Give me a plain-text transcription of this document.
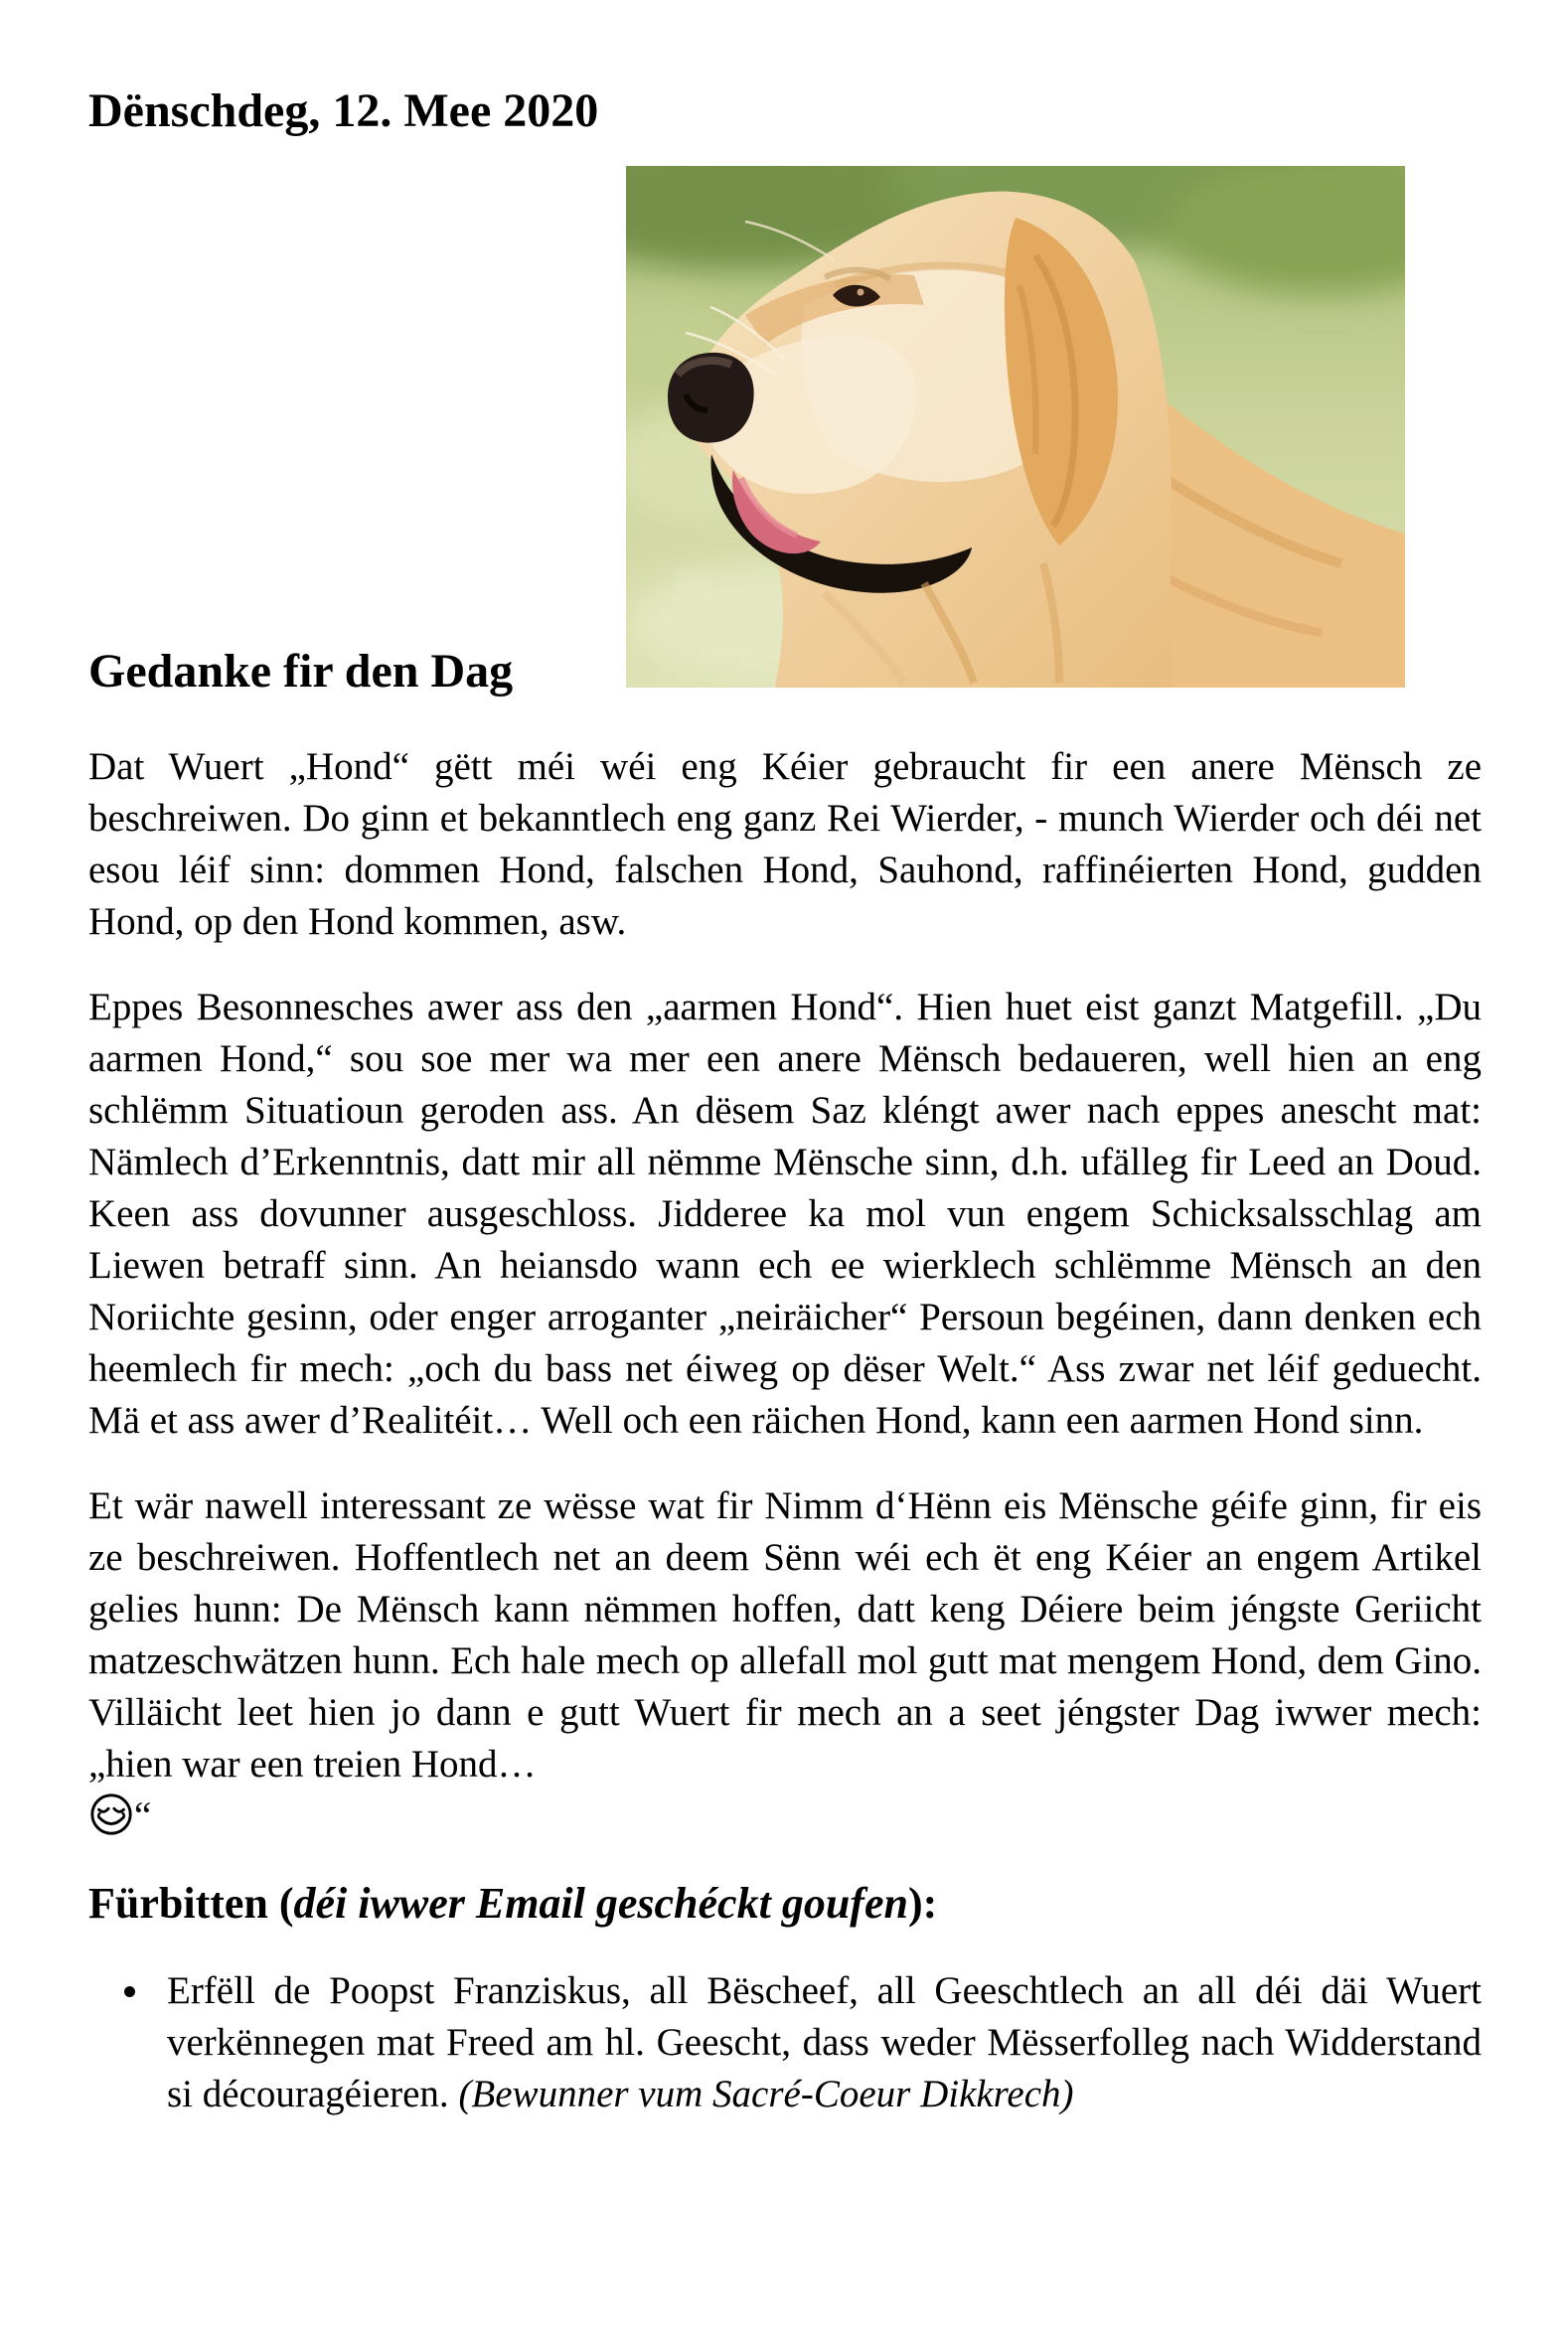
Dënschdeg, 12. Mee 2020
Gedanke fir den Dag

Dat Wuert „Hond“ gëtt méi wéi eng Kéier gebraucht fir een anere Mënsch ze beschreiwen. Do ginn et bekanntlech eng ganz Rei Wierder, - munch Wierder och déi net esou léif sinn: dommen Hond, falschen Hond, Sauhond, raffinéierten Hond, gudden Hond, op den Hond kommen, asw.

Eppes Besonnesches awer ass den „aarmen Hond“. Hien huet eist ganzt Matgefill. „Du aarmen Hond,“ sou soe mer wa mer een anere Mënsch bedaueren, well hien an eng schlëmm Situatioun geroden ass. An dësem Saz kléngt awer nach eppes anescht mat: Nämlech d’Erkenntnis, datt mir all nëmme Mënsche sinn, d.h. ufälleg fir Leed an Doud. Keen ass dovunner ausgeschloss. Jidderee ka mol vun engem Schicksalsschlag am Liewen betraff sinn. An heiansdo wann ech ee wierklech schlëmme Mënsch an den Noriichte gesinn, oder enger arroganter „neiräicher“ Persoun begéinen, dann denken ech heemlech fir mech: „och du bass net éiweg op dëser Welt.“ Ass zwar net léif geduecht. Mä et ass awer d’Realitéit… Well och een räichen Hond, kann een aarmen Hond sinn.

Et wär nawell interessant ze wësse wat fir Nimm d‘Hënn eis Mënsche géife ginn, fir eis ze beschreiwen. Hoffentlech net an deem Sënn wéi ech ët eng Kéier an engem Artikel gelies hunn: De Mënsch kann nëmmen hoffen, datt keng Déiere beim jéngste Geriicht matzeschwätzen hunn. Ech hale mech op allefall mol gutt mat mengem Hond, dem Gino. Villäicht leet hien jo dann e gutt Wuert fir mech an a seet jéngster Dag iwwer mech: „hien war een treien Hond…
“

Fürbitten (déi iwwer Email geschéckt goufen):
Erfëll de Poopst Franziskus, all Bëscheef, all Geeschtlech an all déi däi Wuert verkënnegen mat Freed am hl. Geescht, dass weder Mësserfolleg nach Widderstand si découragéieren. (Bewunner vum Sacré-Coeur Dikkrech)
